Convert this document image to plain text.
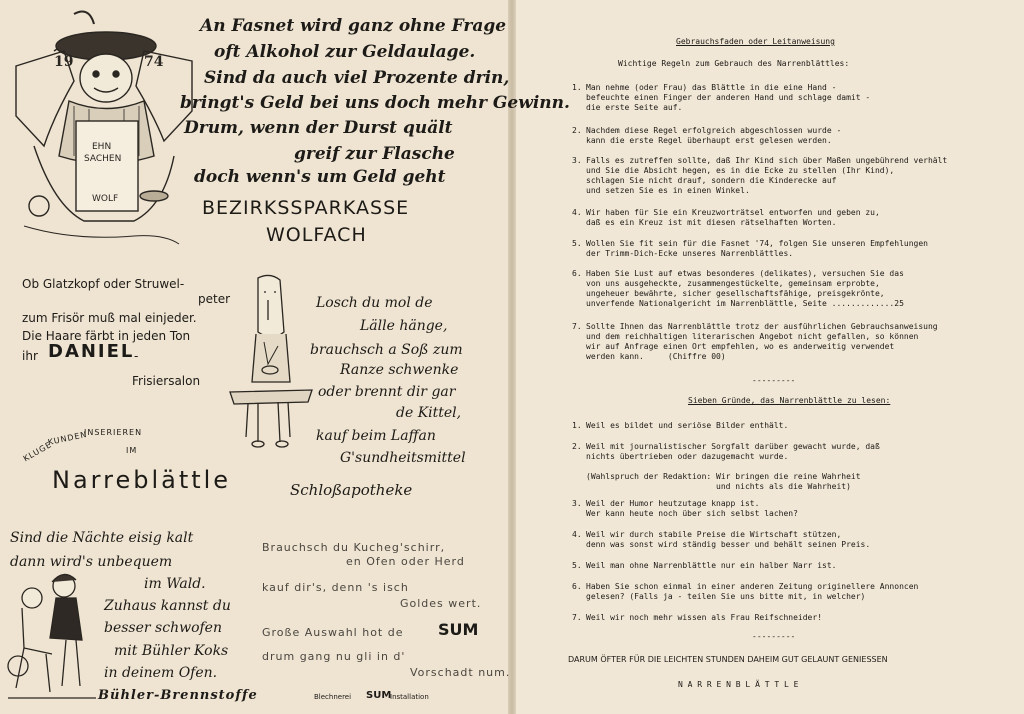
19	74
EHN
SACHEN
WOLF
An Fasnet wird ganz ohne Frage
oft Alkohol zur Geldaulage.
Sind da auch viel Prozente drin,
bringt's Geld bei uns doch mehr Gewinn.
Drum, wenn der Durst quält
greif zur Flasche
doch wenn's um Geld geht
BEZIRKSSPARKASSE
WOLFACH
Ob Glatzkopf oder Struwel-
peter
zum Frisör muß mal einjeder.
Die Haare färbt in jeden Ton
ihr DANIEL -
Frisiersalon
Losch du mol de
Lälle hänge,
brauchsch a Soß zum
Ranze schwenke
oder brennt dir gar
de Kittel,
kauf beim Laffan
G'sundheitsmittel
Schloßapotheke
KLUGE
KUNDEN
INSERIEREN
IM
Narreblättle
Sind die Nächte eisig kalt
dann wird's unbequem
im Wald.
Zuhaus kannst du
besser schwofen
mit Bühler Koks
in deinem Ofen.
Bühler-Brennstoffe
Brauchsch du Kucheg'schirr,
en Ofen oder Herd
kauf dir's, denn 's isch
Goldes wert.
Große Auswahl hot de SUM
drum gang nu gli in d'
Vorschadt num.
Blechnerei SUM
Installation
Gebrauchsfaden oder Leitanweisung
Wichtige Regeln zum Gebrauch des Narrenblättles:
1. Man nehme (oder Frau) das Blättle in die eine Hand -
befeuchte einen Finger der anderen Hand und schlage damit -
die erste Seite auf.
2. Nachdem diese Regel erfolgreich abgeschlossen wurde -
kann die erste Regel überhaupt erst gelesen werden.
3. Falls es zutreffen sollte, daß Ihr Kind sich über Maßen ungebührend verhält
und Sie die Absicht hegen, es in die Ecke zu stellen (Ihr Kind),
schlagen Sie nicht drauf, sondern die Kinderecke auf
und setzen Sie es in einen Winkel.
4. Wir haben für Sie ein Kreuzworträtsel entworfen und geben zu,
daß es ein Kreuz ist mit diesen rätselhaften Worten.
5. Wollen Sie fit sein für die Fasnet '74, folgen Sie unseren Empfehlungen
der Trimm-Dich-Ecke unseres Narrenblättles.
6. Haben Sie Lust auf etwas besonderes (delikates), versuchen Sie das
von uns ausgeheckte, zusammengestückelte, gemeinsam erprobte,
ungeheuer bewährte, sicher gesellschaftsfähige, preisgekrönte,
unverfende Nationalgericht im Narrenblättle, Seite .............25
7. Sollte Ihnen das Narrenblättle trotz der ausführlichen Gebrauchsanweisung
und dem reichhaltigen literarischen Angebot nicht gefallen, so können
wir auf Anfrage einen Ort empfehlen, wo es anderweitig verwendet
werden kann.     (Chiffre 00)
---------
Sieben Gründe, das Narrenblättle zu lesen:
1. Weil es bildet und seriöse Bilder enthält.
2. Weil mit journalistischer Sorgfalt darüber gewacht wurde, daß
nichts übertrieben oder dazugemacht wurde.

(Wahlspruch der Redaktion: Wir bringen die reine Wahrheit
und nichts als die Wahrheit)
3. Weil der Humor heutzutage knapp ist.
Wer kann heute noch über sich selbst lachen?
4. Weil wir durch stabile Preise die Wirtschaft stützen,
denn was sonst wird ständig besser und behält seinen Preis.
5. Weil man ohne Narrenblättle nur ein halber Narr ist.
6. Haben Sie schon einmal in einer anderen Zeitung originellere Annoncen
gelesen? (Falls ja - teilen Sie uns bitte mit, in welcher)
7. Weil wir noch mehr wissen als Frau Reifschneider!
---------
DARUM ÖFTER FÜR DIE LEICHTEN STUNDEN DAHEIM GUT GELAUNT GENIESSEN
N A R R E N B L Ä T T L E
